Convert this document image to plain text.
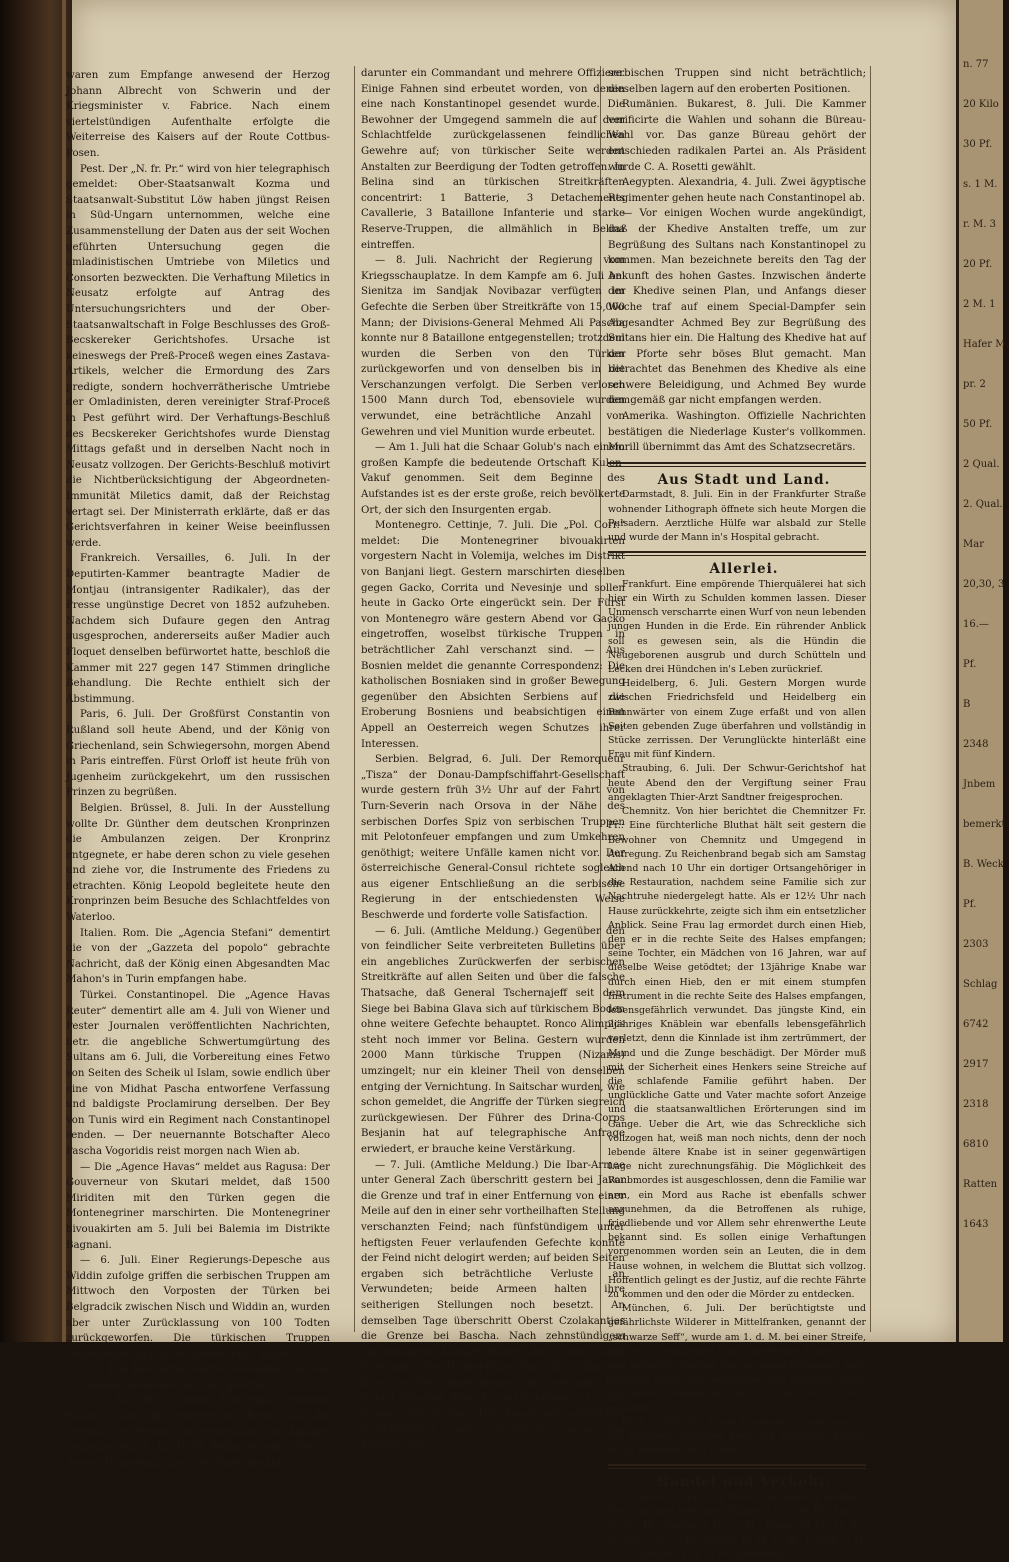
waren zum Empfange anwesend der Herzog Johann Albrecht von Schwerin und der Kriegsminister v. Fabrice. Nach einem viertelstündigen Aufenthalte erfolgte die Weiterreise des Kaisers auf der Route Cottbus-Posen.

Pest. Der „N. fr. Pr.“ wird von hier telegraphisch gemeldet: Ober-Staatsanwalt Kozma und Staatsanwalt-Substitut Löw haben jüngst Reisen in Süd-Ungarn unternommen, welche eine Zusammenstellung der Daten aus der seit Wochen geführten Untersuchung gegen die omladinistischen Umtriebe von Miletics und Consorten bezweckten. Die Verhaftung Miletics in Neusatz erfolgte auf Antrag des Untersuchungsrichters und der Ober-Staatsanwaltschaft in Folge Beschlusses des Groß-Becskereker Gerichtshofes. Ursache ist keineswegs der Preß-Proceß wegen eines Zastava-Artikels, welcher die Ermordung des Zars predigte, sondern hochverrätherische Umtriebe der Omladinisten, deren vereinigter Straf-Proceß in Pest geführt wird. Der Verhaftungs-Beschluß des Becskereker Gerichtshofes wurde Dienstag Mittags gefaßt und in derselben Nacht noch in Neusatz vollzogen. Der Gerichts-Beschluß motivirt die Nichtberücksichtigung der Abgeordneten-Immunität Miletics damit, daß der Reichstag vertagt sei. Der Ministerrath erklärte, daß er das Gerichtsverfahren in keiner Weise beeinflussen werde.

Frankreich. Versailles, 6. Juli. In der Deputirten-Kammer beantragte Madier de Montjau (intransigenter Radikaler), das der Presse ungünstige Decret von 1852 aufzuheben. Nachdem sich Dufaure gegen den Antrag ausgesprochen, andererseits außer Madier auch Floquet denselben befürwortet hatte, beschloß die Kammer mit 227 gegen 147 Stimmen dringliche Behandlung. Die Rechte enthielt sich der Abstimmung.

Paris, 6. Juli. Der Großfürst Constantin von Rußland soll heute Abend, und der König von Griechenland, sein Schwiegersohn, morgen Abend in Paris eintreffen. Fürst Orloff ist heute früh von Jugenheim zurückgekehrt, um den russischen Prinzen zu begrüßen.

Belgien. Brüssel, 8. Juli. In der Ausstellung wollte Dr. Günther dem deutschen Kronprinzen die Ambulanzen zeigen. Der Kronprinz entgegnete, er habe deren schon zu viele gesehen und ziehe vor, die Instrumente des Friedens zu betrachten. König Leopold begleitete heute den Kronprinzen beim Besuche des Schlachtfeldes von Waterloo.

Italien. Rom. Die „Agencia Stefani“ dementirt die von der „Gazzeta del popolo“ gebrachte Nachricht, daß der König einen Abgesandten Mac Mahon's in Turin empfangen habe.

Türkei. Constantinopel. Die „Agence Havas Reuter“ dementirt alle am 4. Juli von Wiener und Pester Journalen veröffentlichten Nachrichten, betr. die angebliche Schwertumgürtung des Sultans am 6. Juli, die Vorbereitung eines Fetwo von Seiten des Scheik ul Islam, sowie endlich über eine von Midhat Pascha entworfene Verfassung und baldigste Proclamirung derselben. Der Bey von Tunis wird ein Regiment nach Constantinopel senden. — Der neuernannte Botschafter Aleco Pascha Vogoridis reist morgen nach Wien ab.

— Die „Agence Havas“ meldet aus Ragusa: Der Gouverneur von Skutari meldet, daß 1500 Miriditen mit den Türken gegen die Montenegriner marschirten. Die Montenegriner bivouakirten am 5. Juli bei Balemia im Distrikte Bagnani.

— 6. Juli. Einer Regierungs-Depesche aus Widdin zufolge griffen die serbischen Truppen am Mittwoch den Vorposten der Türken bei Belgradcik zwischen Nisch und Widdin an, wurden aber unter Zurücklassung von 100 Todten zurückgeworfen. Die türkischen Truppen concentriren sich zu entscheidender Aktion.

— 7. Juli. Die Softas werden bewaffnet und auf ihr eigenes Verlangen ins Feld geschickt.

— 8. Juli. Nach einem Telegramm Mukhtar Pascha's über die Gefechte bei Belina sind die Verluste des Feindes viel erheblicher, als Anfangs geglaubt wurde. Im Dorfe Belina wurden 200, in dessen Umgebung über 700 Todte gezählt,

darunter ein Commandant und mehrere Offiziere. Einige Fahnen sind erbeutet worden, von denen eine nach Konstantinopel gesendet wurde. Die Bewohner der Umgegend sammeln die auf dem Schlachtfelde zurückgelassenen feindlichen Gewehre auf; von türkischer Seite werden Anstalten zur Beerdigung der Todten getroffen. In Belina sind an türkischen Streitkräften concentrirt: 1 Batterie, 3 Detachements Cavallerie, 3 Bataillone Infanterie und starke Reserve-Truppen, die allmählich in Belina eintreffen.

— 8. Juli. Nachricht der Regierung vom Kriegsschauplatze. In dem Kampfe am 6. Juli bei Sienitza im Sandjak Novibazar verfügten im Gefechte die Serben über Streitkräfte von 15,000 Mann; der Divisions-General Mehmed Ali Pascha konnte nur 8 Bataillone entgegenstellen; trotzdem wurden die Serben von den Türken zurückgeworfen und von denselben bis in die Verschanzungen verfolgt. Die Serben verloren 1500 Mann durch Tod, ebensoviele wurden verwundet, eine beträchtliche Anzahl von Gewehren und viel Munition wurde erbeutet.

— Am 1. Juli hat die Schaar Golub's nach einem großen Kampfe die bedeutende Ortschaft Kulen-Vakuf genommen. Seit dem Beginne des Aufstandes ist es der erste große, reich bevölkerte Ort, der sich den Insurgenten ergab.

Montenegro. Cettinje, 7. Juli. Die „Pol. Corr.“ meldet: Die Montenegriner bivouakirten vorgestern Nacht in Volemija, welches im Distrikt von Banjani liegt. Gestern marschirten dieselben gegen Gacko, Corrita und Nevesinje und sollen heute in Gacko Orte eingerückt sein. Der Fürst von Montenegro wäre gestern Abend vor Gacko eingetroffen, woselbst türkische Truppen in beträchtlicher Zahl verschanzt sind. — Aus Bosnien meldet die genannte Correspondenz: Die katholischen Bosniaken sind in großer Bewegung gegenüber den Absichten Serbiens auf die Eroberung Bosniens und beabsichtigen einen Appell an Oesterreich wegen Schutzes ihrer Interessen.

Serbien. Belgrad, 6. Juli. Der Remorqueur „Tisza“ der Donau-Dampfschiffahrt-Gesellschaft wurde gestern früh 3½ Uhr auf der Fahrt von Turn-Severin nach Orsova in der Nähe des serbischen Dorfes Spiz von serbischen Truppen mit Pelotonfeuer empfangen und zum Umkehren genöthigt; weitere Unfälle kamen nicht vor. Der österreichische General-Consul richtete sogleich aus eigener Entschließung an die serbische Regierung in der entschiedensten Weise Beschwerde und forderte volle Satisfaction.

— 6. Juli. (Amtliche Meldung.) Gegenüber den von feindlicher Seite verbreiteten Bulletins über ein angebliches Zurückwerfen der serbischen Streitkräfte auf allen Seiten und über die falsche Thatsache, daß General Tschernajeff seit dem Siege bei Babina Glava sich auf türkischem Boden ohne weitere Gefechte behauptet. Ronco Alimpics steht noch immer vor Belina. Gestern wurden 2000 Mann türkische Truppen (Nizams) umzingelt; nur ein kleiner Theil von denselben entging der Vernichtung. In Saitschar wurden, wie schon gemeldet, die Angriffe der Türken siegreich zurückgewiesen. Der Führer des Drina-Corps Besjanin hat auf telegraphische Anfrage erwiedert, er brauche keine Verstärkung.

— 7. Juli. (Amtliche Meldung.) Die Ibar-Armee unter General Zach überschritt gestern bei Javor die Grenze und traf in einer Entfernung von einer Meile auf den in einer sehr vortheilhaften Stellung verschanzten Feind; nach fünfstündigem unter heftigsten Feuer verlaufenden Gefechte konnte der Feind nicht delogirt werden; auf beiden Seiten ergaben sich beträchtliche Verluste an Verwundeten; beide Armeen halten ihre seitherigen Stellungen noch besetzt. An demselben Tage überschritt Oberst Czolakanties die Grenze bei Bascha. Nach zehnstündigem hartnäckigem Kampfe flohen die Türken nach Novibazar. Die Türken-Kulas Raschka, Golia und Borca wurden eingenommen und verbrannt. Das Gebiet zwischen Raschka und Novibazar ist in der Gewalt der Serben. Das Feuer der serbischen Berg-Batterien erwies sich äußerst wirksam. Die Verluste der

serbischen Truppen sind nicht beträchtlich; dieselben lagern auf den eroberten Positionen.

Rumänien. Bukarest, 8. Juli. Die Kammer verificirte die Wahlen und sohann die Büreau-Wahl vor. Das ganze Büreau gehört der entschieden radikalen Partei an. Als Präsident wurde C. A. Rosetti gewählt.

Aegypten. Alexandria, 4. Juli. Zwei ägyptische Regimenter gehen heute nach Constantinopel ab.

— Vor einigen Wochen wurde angekündigt, daß der Khedive Anstalten treffe, um zur Begrüßung des Sultans nach Konstantinopel zu kommen. Man bezeichnete bereits den Tag der Ankunft des hohen Gastes. Inzwischen änderte der Khedive seinen Plan, und Anfangs dieser Woche traf auf einem Special-Dampfer sein Abgesandter Achmed Bey zur Begrüßung des Sultans hier ein. Die Haltung des Khedive hat auf der Pforte sehr böses Blut gemacht. Man betrachtet das Benehmen des Khedive als eine schwere Beleidigung, und Achmed Bey wurde demgemäß gar nicht empfangen werden.

Amerika. Washington. Offizielle Nachrichten bestätigen die Niederlage Kuster's vollkommen. Morill übernimmt das Amt des Schatzsecretärs.

Aus Stadt und Land.

Darmstadt, 8. Juli. Ein in der Frankfurter Straße wohnender Lithograph öffnete sich heute Morgen die Pulsadern. Aerztliche Hülfe war alsbald zur Stelle und wurde der Mann in's Hospital gebracht.

Allerlei.

Frankfurt. Eine empörende Thierquälerei hat sich hier ein Wirth zu Schulden kommen lassen. Dieser Unmensch verscharrte einen Wurf von neun lebenden jungen Hunden in die Erde. Ein rührender Anblick soll es gewesen sein, als die Hündin die Neugeborenen ausgrub und durch Schütteln und Lecken drei Hündchen in's Leben zurückrief.

Heidelberg, 6. Juli. Gestern Morgen wurde zwischen Friedrichsfeld und Heidelberg ein Bahnwärter von einem Zuge erfaßt und von allen Seiten gebenden Zuge überfahren und vollständig in Stücke zerrissen. Der Verunglückte hinterläßt eine Frau mit fünf Kindern.

Straubing, 6. Juli. Der Schwur-Gerichtshof hat heute Abend den der Vergiftung seiner Frau angeklagten Thier-Arzt Sandtner freigesprochen.

Chemnitz. Von hier berichtet die Chemnitzer Fr. Pr.: Eine fürchterliche Bluthat hält seit gestern die Bewohner von Chemnitz und Umgegend in Aufregung. Zu Reichenbrand begab sich am Samstag Abend nach 10 Uhr ein dortiger Ortsangehöriger in die Restauration, nachdem seine Familie sich zur Nachtruhe niedergelegt hatte. Als er 12½ Uhr nach Hause zurückkehrte, zeigte sich ihm ein entsetzlicher Anblick. Seine Frau lag ermordet durch einen Hieb, den er in die rechte Seite des Halses empfangen; seine Tochter, ein Mädchen von 16 Jahren, war auf dieselbe Weise getödtet; der 13jährige Knabe war durch einen Hieb, den er mit einem stumpfen Instrument in die rechte Seite des Halses empfangen, lebensgefährlich verwundet. Das jüngste Kind, ein 2jähriges Knäblein war ebenfalls lebensgefährlich verletzt, denn die Kinnlade ist ihm zertrümmert, der Mund und die Zunge beschädigt. Der Mörder muß mit der Sicherheit eines Henkers seine Streiche auf die schlafende Familie geführt haben. Der unglückliche Gatte und Vater machte sofort Anzeige und die staatsanwaltlichen Erörterungen sind im Gange. Ueber die Art, wie das Schreckliche sich vollzogen hat, weiß man noch nichts, denn der noch lebende ältere Knabe ist in seiner gegenwärtigen Lage nicht zurechnungsfähig. Die Möglichkeit des Raubmordes ist ausgeschlossen, denn die Familie war arm, ein Mord aus Rache ist ebenfalls schwer anzunehmen, da die Betroffenen als ruhige, friedliebende und vor Allem sehr ehrenwerthe Leute bekannt sind. Es sollen einige Verhaftungen vorgenommen worden sein an Leuten, die in dem Hause wohnen, in welchem die Bluttat sich vollzog. Hoffentlich gelingt es der Justiz, auf die rechte Fährte zu kommen und den oder die Mörder zu entdecken.

München, 6. Juli. Der berüchtigtste und gefährlichste Wilderer in Mittelfranken, genannt der „schwarze Seff“, wurde am 1. d. M. bei einer Streife, die von 6 Gendarmen und 3 berittenen Ulanen nach ihm angestellt worden war, in einem Kornacker nach heftigem Widerstand erschossen. Ein Gendarm wurde bei dieser Gelegenheit durch einen Schrotschuß verwundet.

Bern, 7. Juli. Bei einem Eisenbahn-Zusammenstoß bei Palezieur, zwischen Bern und Lausanne, kamen sechs Personen um's Leben.

Handel und Verkehr.

Grünberg, 8. Juli. Die Preise auf unserem heutigen Fruchtmarkte betragen: Waizen 11 M. 84 Pf.; Korn 9 M. 87 Pf.; Gerste 9 M. — Pf.; Hafer 10 M. 19 Pf.; Molter — M. — Pf.; Erbsen 10 M. 13 Pf.; Linsen — M. — Pf.; Samen 14 M. — Pf.; Kartoffeln

n. 77
20 Kilo
30 Pf.
s. 1 M.
r. M. 3
20 Pf.
2 M. 1
Hafer M.
pr. 2
50 Pf.
2 Qual.
2. Qual.
Mar
20,30, 3
16.—
Pf.
B
2348
Jnbem
bemerkt
B. Weck
Pf.
2303
Schlag
6742
2917
2318
6810
Ratten
1643
